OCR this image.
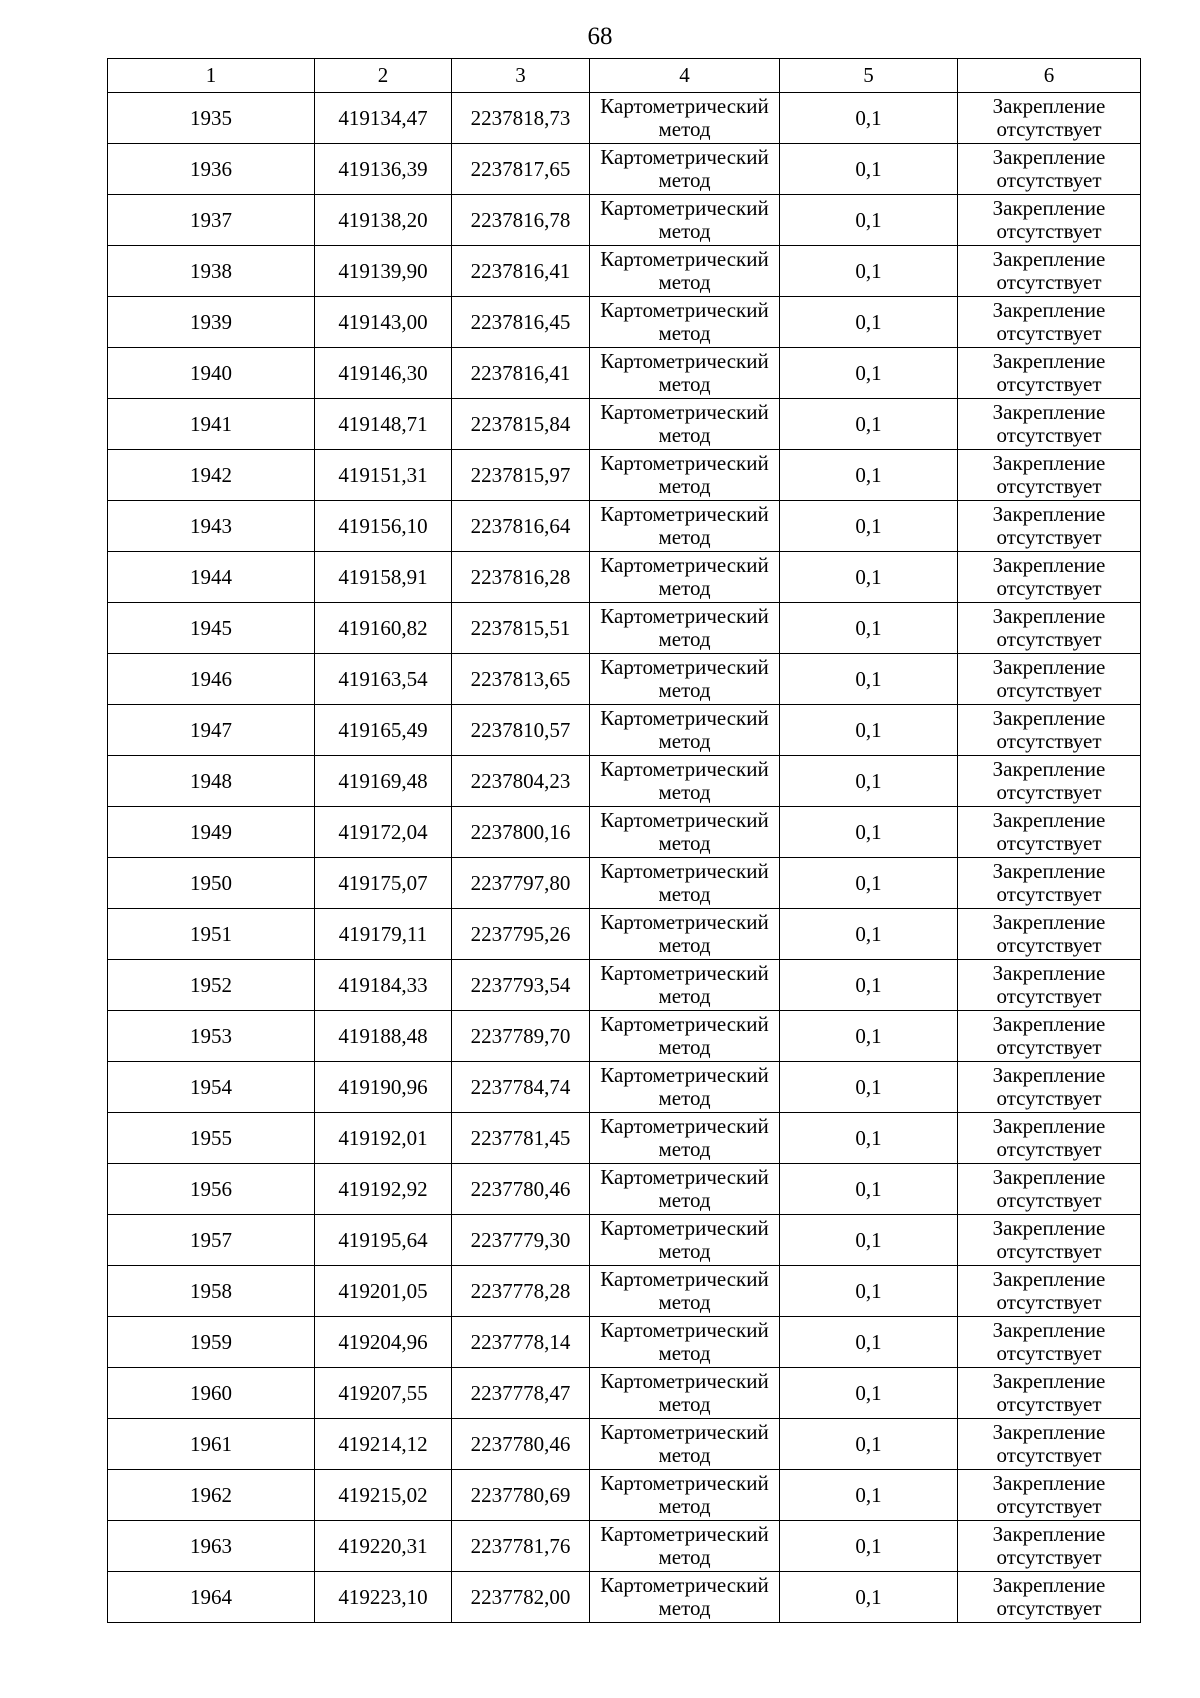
68
1	2	3	4	5	6
1935	419134,47	2237818,73	Картометрический метод	0,1	Закрепление отсутствует
1936	419136,39	2237817,65	Картометрический метод	0,1	Закрепление отсутствует
1937	419138,20	2237816,78	Картометрический метод	0,1	Закрепление отсутствует
1938	419139,90	2237816,41	Картометрический метод	0,1	Закрепление отсутствует
1939	419143,00	2237816,45	Картометрический метод	0,1	Закрепление отсутствует
1940	419146,30	2237816,41	Картометрический метод	0,1	Закрепление отсутствует
1941	419148,71	2237815,84	Картометрический метод	0,1	Закрепление отсутствует
1942	419151,31	2237815,97	Картометрический метод	0,1	Закрепление отсутствует
1943	419156,10	2237816,64	Картометрический метод	0,1	Закрепление отсутствует
1944	419158,91	2237816,28	Картометрический метод	0,1	Закрепление отсутствует
1945	419160,82	2237815,51	Картометрический метод	0,1	Закрепление отсутствует
1946	419163,54	2237813,65	Картометрический метод	0,1	Закрепление отсутствует
1947	419165,49	2237810,57	Картометрический метод	0,1	Закрепление отсутствует
1948	419169,48	2237804,23	Картометрический метод	0,1	Закрепление отсутствует
1949	419172,04	2237800,16	Картометрический метод	0,1	Закрепление отсутствует
1950	419175,07	2237797,80	Картометрический метод	0,1	Закрепление отсутствует
1951	419179,11	2237795,26	Картометрический метод	0,1	Закрепление отсутствует
1952	419184,33	2237793,54	Картометрический метод	0,1	Закрепление отсутствует
1953	419188,48	2237789,70	Картометрический метод	0,1	Закрепление отсутствует
1954	419190,96	2237784,74	Картометрический метод	0,1	Закрепление отсутствует
1955	419192,01	2237781,45	Картометрический метод	0,1	Закрепление отсутствует
1956	419192,92	2237780,46	Картометрический метод	0,1	Закрепление отсутствует
1957	419195,64	2237779,30	Картометрический метод	0,1	Закрепление отсутствует
1958	419201,05	2237778,28	Картометрический метод	0,1	Закрепление отсутствует
1959	419204,96	2237778,14	Картометрический метод	0,1	Закрепление отсутствует
1960	419207,55	2237778,47	Картометрический метод	0,1	Закрепление отсутствует
1961	419214,12	2237780,46	Картометрический метод	0,1	Закрепление отсутствует
1962	419215,02	2237780,69	Картометрический метод	0,1	Закрепление отсутствует
1963	419220,31	2237781,76	Картометрический метод	0,1	Закрепление отсутствует
1964	419223,10	2237782,00	Картометрический метод	0,1	Закрепление отсутствует
